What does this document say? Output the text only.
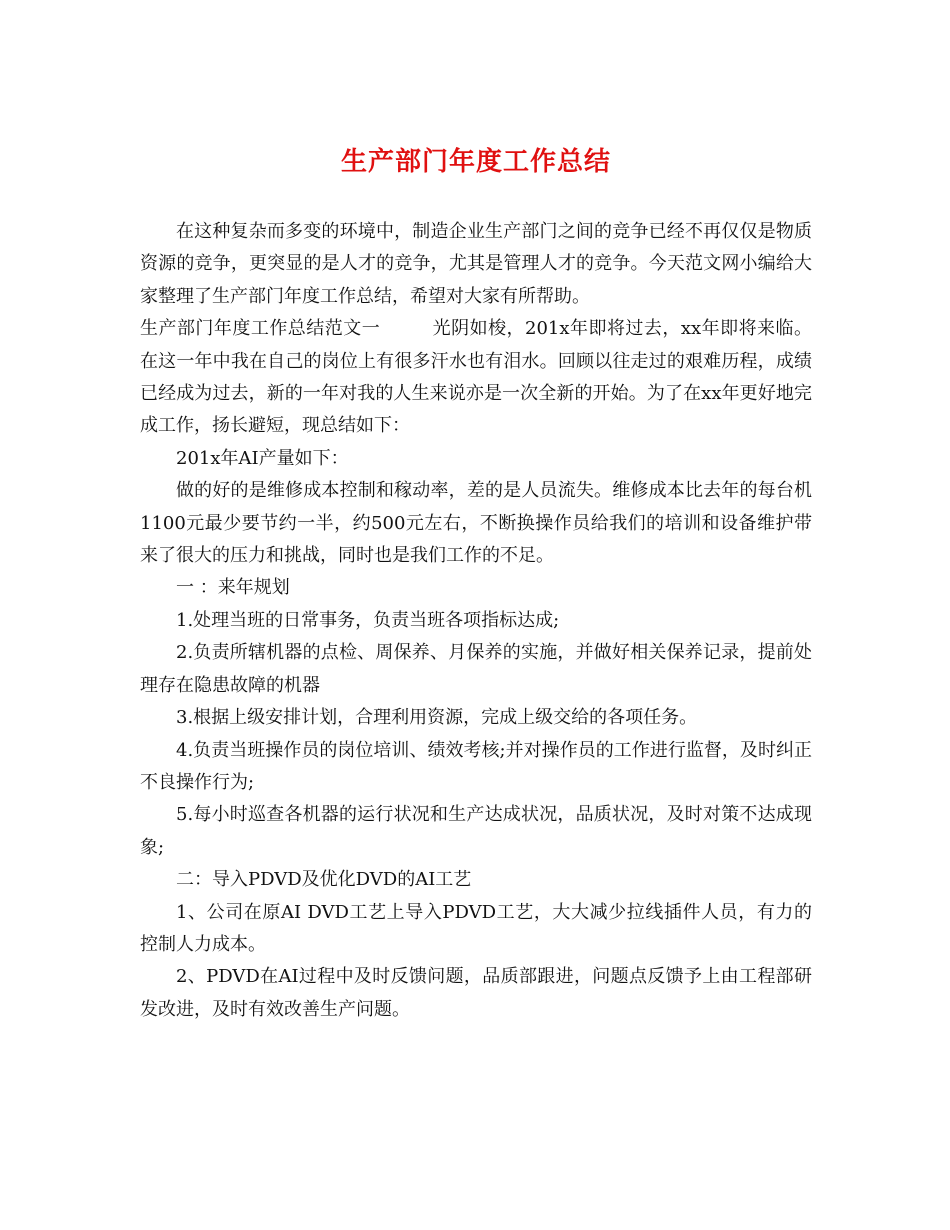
生产部门年度工作总结

在这种复杂而多变的环境中，制造企业生产部门之间的竞争已经不再仅仅是物质资源的竞争，更突显的是人才的竞争，尤其是管理人才的竞争。今天范文网小编给大家整理了生产部门年度工作总结，希望对大家有所帮助。

生产部门年度工作总结范文一	光阴如梭，201x年即将过去，xx年即将来临。在这一年中我在自己的岗位上有很多汗水也有泪水。回顾以往走过的艰难历程，成绩已经成为过去，新的一年对我的人生来说亦是一次全新的开始。为了在xx年更好地完成工作，扬长避短，现总结如下：

201x年AI产量如下：

做的好的是维修成本控制和稼动率，差的是人员流失。维修成本比去年的每台机1100元最少要节约一半，约500元左右，不断换操作员给我们的培训和设备维护带来了很大的压力和挑战，同时也是我们工作的不足。

一 ：来年规划

1.处理当班的日常事务，负责当班各项指标达成;

2.负责所辖机器的点检、周保养、月保养的实施，并做好相关保养记录，提前处理存在隐患故障的机器

3.根据上级安排计划，合理利用资源，完成上级交给的各项任务。

4.负责当班操作员的岗位培训、绩效考核;并对操作员的工作进行监督，及时纠正不良操作行为;

5.每小时巡查各机器的运行状况和生产达成状况，品质状况，及时对策不达成现象;

二：导入PDVD及优化DVD的AI工艺

1、公司在原AI DVD工艺上导入PDVD工艺，大大减少拉线插件人员，有力的控制人力成本。

2、PDVD在AI过程中及时反馈问题，品质部跟进，问题点反馈予上由工程部研发改进，及时有效改善生产问题。
